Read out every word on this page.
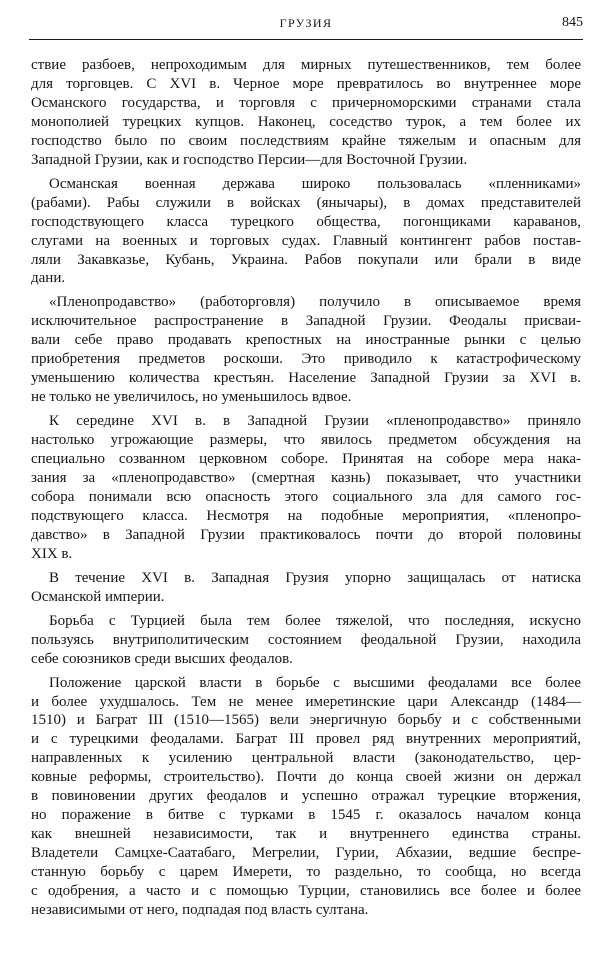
ГРУЗИЯ	845

ствие разбоев, непроходимым для мирных путешественников, тем более
для торговцев. С XVI в. Черное море превратилось во внутреннее море
Османского государства, и торговля с причерноморскими странами стала
монополией турецких купцов. Наконец, соседство турок, а тем более их
господство было по своим последствиям крайне тяжелым и опасным для
Западной Грузии, как и господство Персии—для Восточной Грузии.

Османская военная держава широко пользовалась «пленниками»
(рабами). Рабы служили в войсках (янычары), в домах представителей
господствующего класса турецкого общества, погонщиками караванов,
слугами на военных и торговых судах. Главный контингент рабов постав-
ляли Закавказье, Кубань, Украина. Рабов покупали или брали в виде
дани.

«Пленопродавство» (работорговля) получило в описываемое время
исключительное распространение в Западной Грузии. Феодалы присваи-
вали себе право продавать крепостных на иностранные рынки с целью
приобретения предметов роскоши. Это приводило к катастрофическому
уменьшению количества крестьян. Население Западной Грузии за XVI в.
не только не увеличилось, но уменьшилось вдвое.

К середине XVI в. в Западной Грузии «пленопродавство» приняло
настолько угрожающие размеры, что явилось предметом обсуждения на
специально созванном церковном соборе. Принятая на соборе мера нака-
зания за «пленопродавство» (смертная казнь) показывает, что участники
собора понимали всю опасность этого социального зла для самого гос-
подствующего класса. Несмотря на подобные мероприятия, «пленопро-
давство» в Западной Грузии практиковалось почти до второй половины
XIX в.

В течение XVI в. Западная Грузия упорно защищалась от натиска
Османской империи.

Борьба с Турцией была тем более тяжелой, что последняя, искусно
пользуясь внутриполитическим состоянием феодальной Грузии, находила
себе союзников среди высших феодалов.

Положение царской власти в борьбе с высшими феодалами все более
и более ухудшалось. Тем не менее имеретинские цари Александр (1484—
1510) и Баграт III (1510—1565) вели энергичную борьбу и с собственными
и с турецкими феодалами. Баграт III провел ряд внутренних мероприятий,
направленных к усилению центральной власти (законодательство, цер-
ковные реформы, строительство). Почти до конца своей жизни он держал
в повиновении других феодалов и успешно отражал турецкие вторжения,
но поражение в битве с турками в 1545 г. оказалось началом конца
как внешней независимости, так и внутреннего единства страны.
Владетели Самцхе-Саатабаго, Мегрелии, Гурии, Абхазии, ведшие беспре-
станную борьбу с царем Имерети, то раздельно, то сообща, но всегда
с одобрения, а часто и с помощью Турции, становились все более и более
независимыми от него, подпадая под власть султана.
